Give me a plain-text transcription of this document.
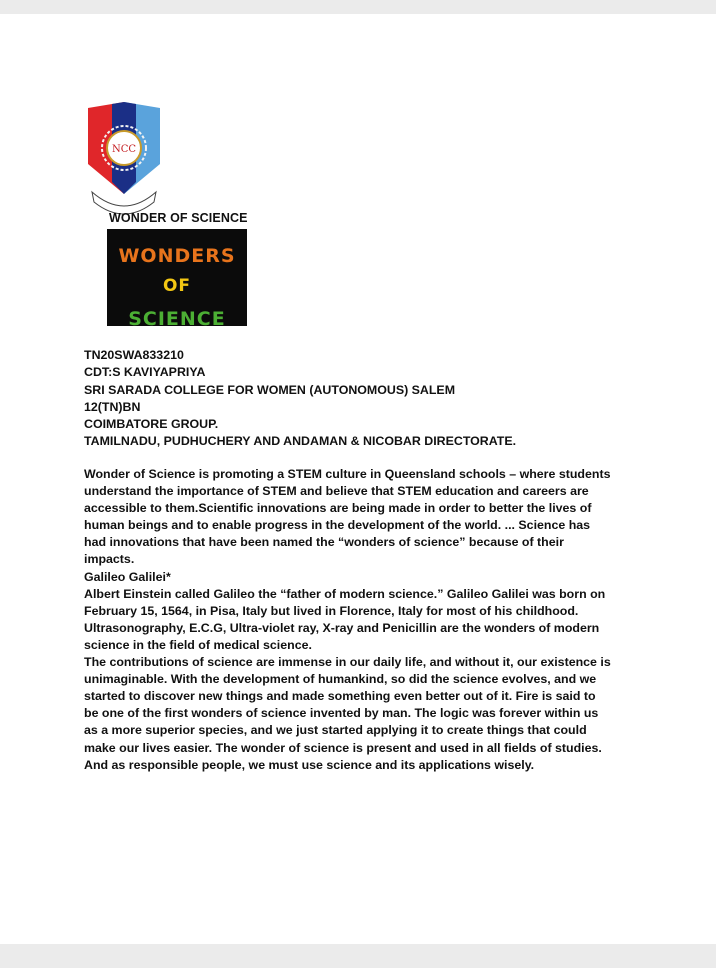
NCC
WONDER OF SCIENCE
WONDERS
OF
SCIENCE
TN20SWA833210
CDT:S KAVIYAPRIYA
SRI SARADA COLLEGE FOR WOMEN (AUTONOMOUS) SALEM
12(TN)BN
COIMBATORE GROUP.
TAMILNADU, PUDHUCHERY AND ANDAMAN & NICOBAR DIRECTORATE.
Wonder of Science is promoting a STEM culture in Queensland schools – where students
understand the importance of STEM and believe that STEM education and careers are
accessible to them.Scientific innovations are being made in order to better the lives of
human beings and to enable progress in the development of the world. ... Science has
had innovations that have been named the “wonders of science” because of their
impacts.
Galileo Galilei*
Albert Einstein called Galileo the “father of modern science.” Galileo Galilei was born on
February 15, 1564, in Pisa, Italy but lived in Florence, Italy for most of his childhood.
Ultrasonography, E.C.G, Ultra-violet ray, X-ray and Penicillin are the wonders of modern
science in the field of medical science.
The contributions of science are immense in our daily life, and without it, our existence is
unimaginable. With the development of humankind, so did the science evolves, and we
started to discover new things and made something even better out of it. Fire is said to
be one of the first wonders of science invented by man. The logic was forever within us
as a more superior species, and we just started applying it to create things that could
make our lives easier. The wonder of science is present and used in all fields of studies.
And as responsible people, we must use science and its applications wisely.
